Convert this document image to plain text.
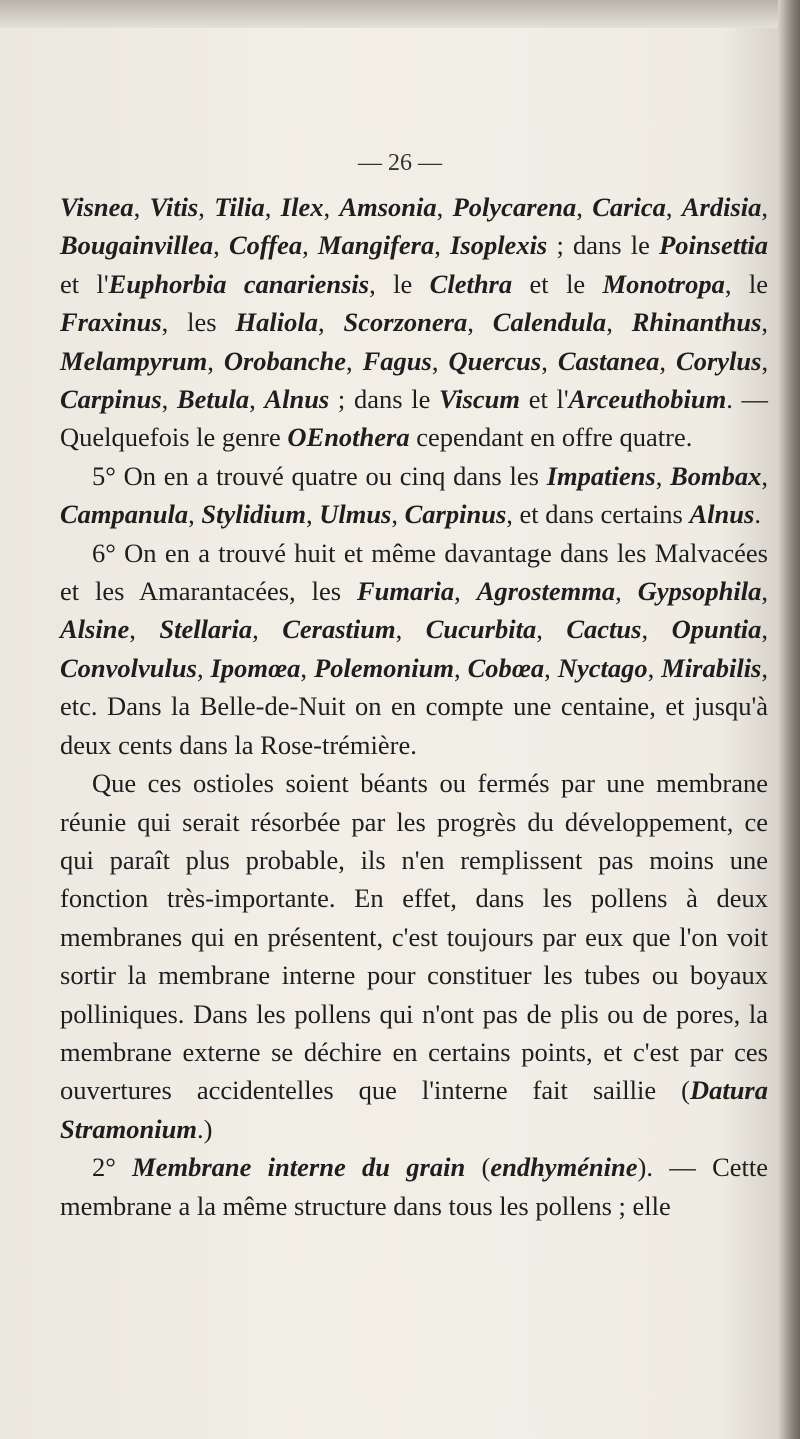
— 26 —

Visnea, Vitis, Tilia, Ilex, Amsonia, Polycarena, Carica, Ardisia, Bougainvillea, Coffea, Mangifera, Isoplexis ; dans le Poinsettia et l'Euphorbia canariensis, le Clethra et le Monotropa, le Fraxinus, les Haliola, Scorzonera, Calendula, Rhinanthus, Melampyrum, Orobanche, Fagus, Quercus, Castanea, Corylus, Carpinus, Betula, Alnus ; dans le Viscum et l'Arceuthobium. — Quelquefois le genre OEnothera cependant en offre quatre.

5° On en a trouvé quatre ou cinq dans les Impatiens, Bombax, Campanula, Stylidium, Ulmus, Carpinus, et dans certains Alnus.

6° On en a trouvé huit et même davantage dans les Malvacées et les Amarantacées, les Fumaria, Agrostemma, Gypsophila, Alsine, Stellaria, Cerastium, Cucurbita, Cactus, Opuntia, Convolvulus, Ipomœa, Polemonium, Cobœa, Nyctago, Mirabilis, etc. Dans la Belle-de-Nuit on en compte une centaine, et jusqu'à deux cents dans la Rose-trémière.

Que ces ostioles soient béants ou fermés par une membrane réunie qui serait résorbée par les progrès du développement, ce qui paraît plus probable, ils n'en remplissent pas moins une fonction très-importante. En effet, dans les pollens à deux membranes qui en présentent, c'est toujours par eux que l'on voit sortir la membrane interne pour constituer les tubes ou boyaux polliniques. Dans les pollens qui n'ont pas de plis ou de pores, la membrane externe se déchire en certains points, et c'est par ces ouvertures accidentelles que l'interne fait saillie (Datura Stramonium.)

2° Membrane interne du grain (endhyménine). — Cette membrane a la même structure dans tous les pollens ; elle
